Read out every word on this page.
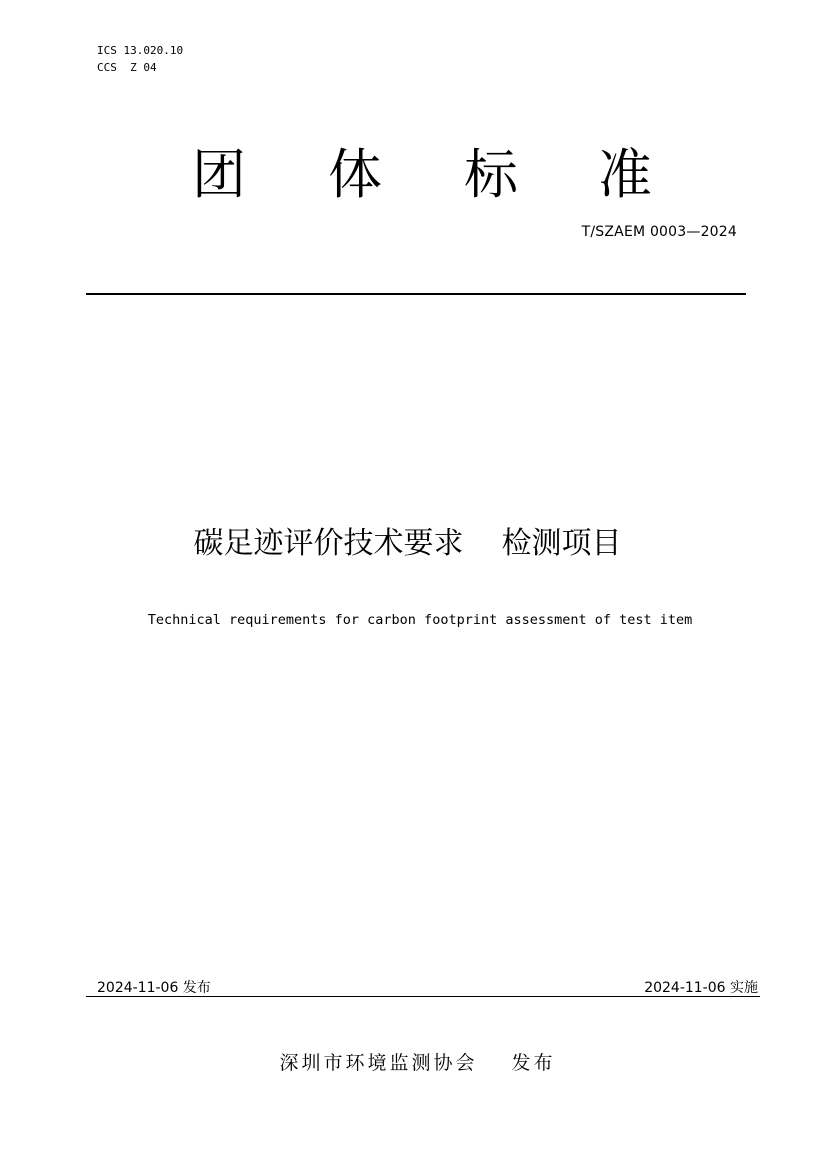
ICS 13.020.10
CCS  Z 04
团 体 标 准
T/SZAEM 0003—2024
碳足迹评价技术要求 检测项目
Technical requirements for carbon footprint assessment of test item
2024-11-06 发布	2024-11-06 实施
深圳市环境监测协会 发布
